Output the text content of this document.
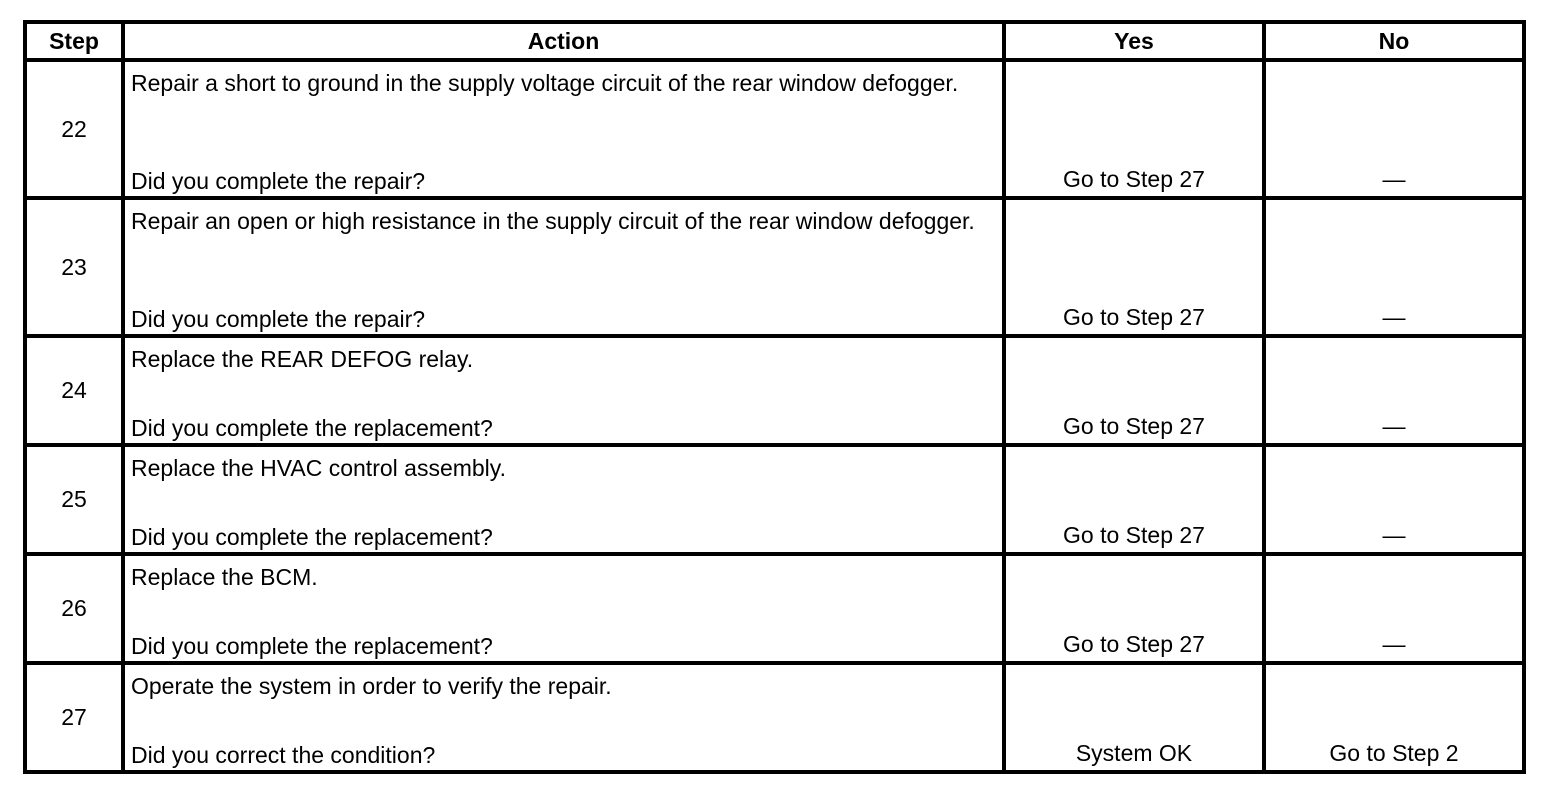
Step	Action	Yes	No
22	Repair a short to ground in the supply voltage circuit of the rear window defogger.
Did you complete the repair?	Go to Step 27	—

23	Repair an open or high resistance in the supply circuit of the rear window defogger.
Did you complete the repair?	Go to Step 27	—

24	Replace the REAR DEFOG relay.
Did you complete the replacement?	Go to Step 27	—

25	Replace the HVAC control assembly.
Did you complete the replacement?	Go to Step 27	—

26	Replace the BCM.
Did you complete the replacement?	Go to Step 27	—

27	Operate the system in order to verify the repair.
Did you correct the condition?	System OK	Go to Step 2
